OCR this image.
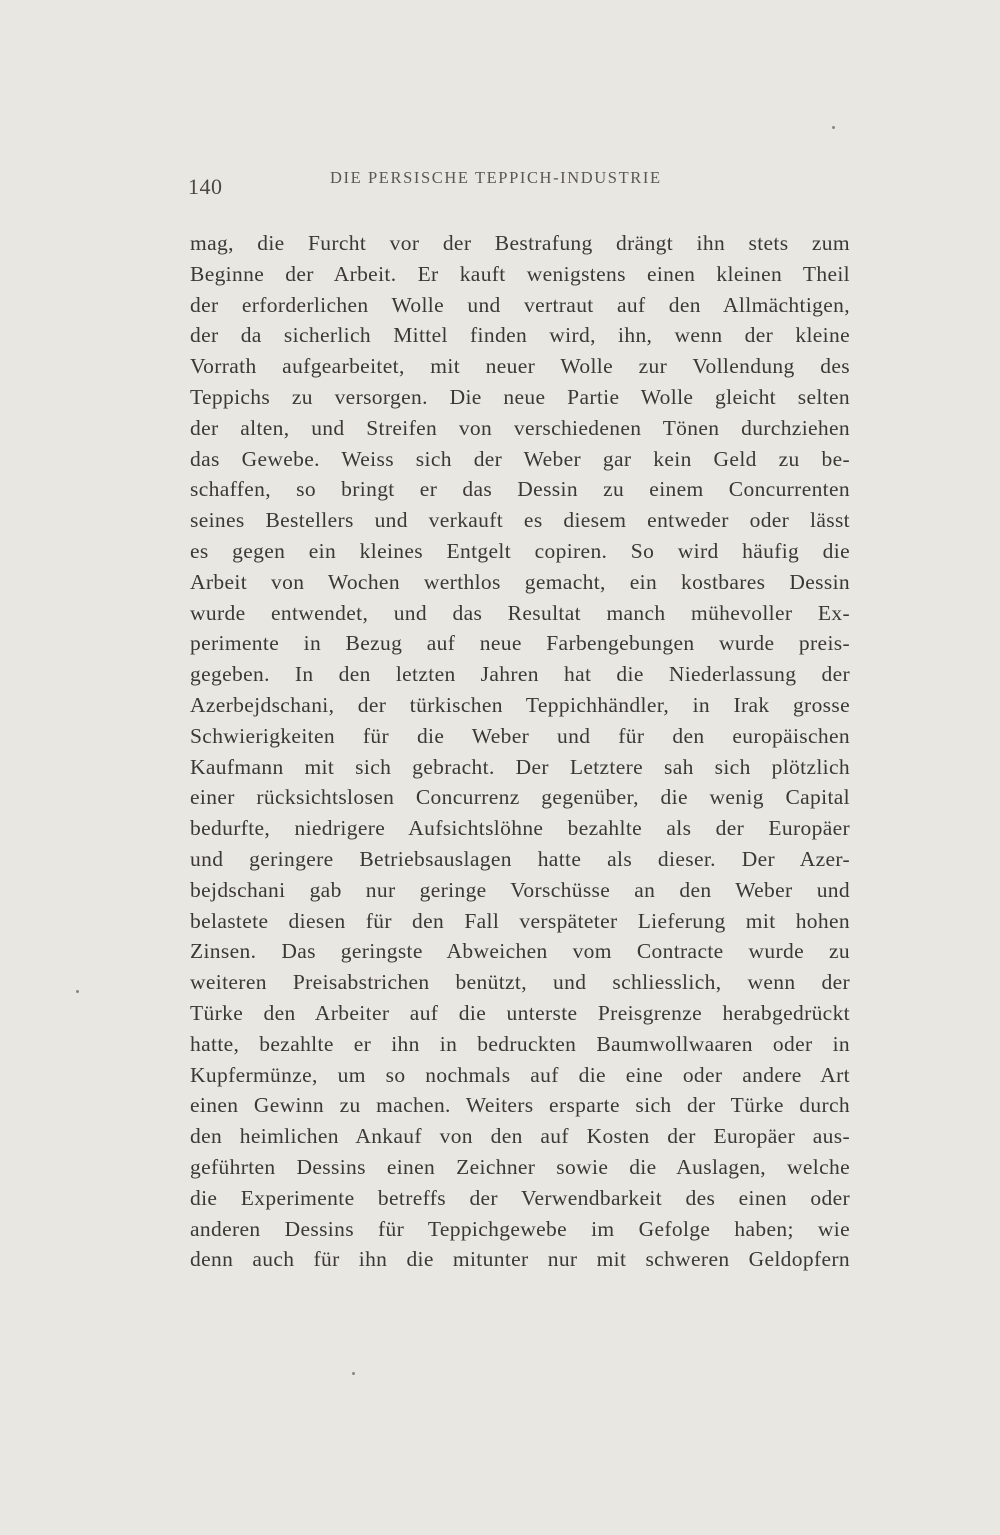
140	DIE PERSISCHE TEPPICH-INDUSTRIE
mag, die Furcht vor der Bestrafung drängt ihn stets zum
Beginne der Arbeit. Er kauft wenigstens einen kleinen Theil
der erforderlichen Wolle und vertraut auf den Allmächtigen,
der da sicherlich Mittel finden wird, ihn, wenn der kleine
Vorrath aufgearbeitet, mit neuer Wolle zur Vollendung des
Teppichs zu versorgen. Die neue Partie Wolle gleicht selten
der alten, und Streifen von verschiedenen Tönen durchziehen
das Gewebe. Weiss sich der Weber gar kein Geld zu be-
schaffen, so bringt er das Dessin zu einem Concurrenten
seines Bestellers und verkauft es diesem entweder oder lässt
es gegen ein kleines Entgelt copiren. So wird häufig die
Arbeit von Wochen werthlos gemacht, ein kostbares Dessin
wurde entwendet, und das Resultat manch mühevoller Ex-
perimente in Bezug auf neue Farbengebungen wurde preis-
gegeben. In den letzten Jahren hat die Niederlassung der
Azerbejdschani, der türkischen Teppichhändler, in Irak grosse
Schwierigkeiten für die Weber und für den europäischen
Kaufmann mit sich gebracht. Der Letztere sah sich plötzlich
einer rücksichtslosen Concurrenz gegenüber, die wenig Capital
bedurfte, niedrigere Aufsichtslöhne bezahlte als der Europäer
und geringere Betriebsauslagen hatte als dieser. Der Azer-
bejdschani gab nur geringe Vorschüsse an den Weber und
belastete diesen für den Fall verspäteter Lieferung mit hohen
Zinsen. Das geringste Abweichen vom Contracte wurde zu
weiteren Preisabstrichen benützt, und schliesslich, wenn der
Türke den Arbeiter auf die unterste Preisgrenze herabgedrückt
hatte, bezahlte er ihn in bedruckten Baumwollwaaren oder in
Kupfermünze, um so nochmals auf die eine oder andere Art
einen Gewinn zu machen. Weiters ersparte sich der Türke durch
den heimlichen Ankauf von den auf Kosten der Europäer aus-
geführten Dessins einen Zeichner sowie die Auslagen, welche
die Experimente betreffs der Verwendbarkeit des einen oder
anderen Dessins für Teppichgewebe im Gefolge haben; wie
denn auch für ihn die mitunter nur mit schweren Geldopfern
